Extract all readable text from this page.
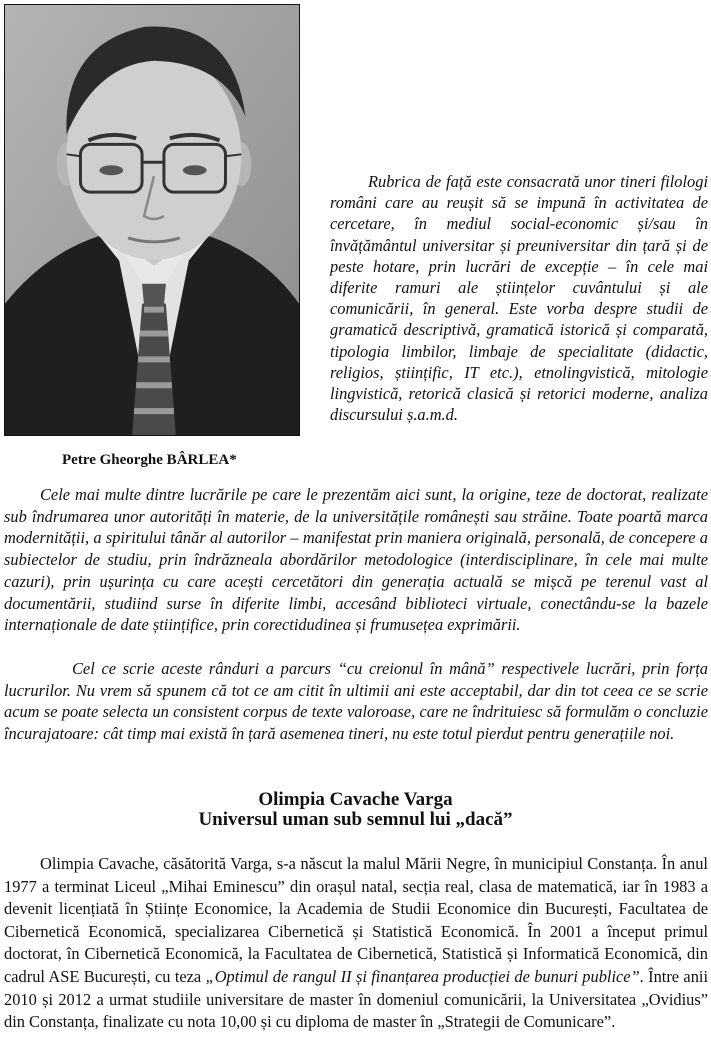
Petre Gheorghe BÂRLEA*

Rubrica de față este consacrată unor tineri filologi români care au reușit să se impună în activitatea de cercetare, în mediul social-economic și/sau în învățământul universitar și preuniversitar din țară și de peste hotare, prin lucrări de excepție – în cele mai diferite ramuri ale științelor cuvântului și ale comunicării, în general. Este vorba despre studii de gramatică descriptivă, gramatică istorică și comparată, tipologia limbilor, limbaje de specialitate (didactic, religios, științific, IT etc.), etnolingvistică, mitologie lingvistică, retorică clasică și retorici moderne, analiza discursului ș.a.m.d.

Cele mai multe dintre lucrările pe care le prezentăm aici sunt, la origine, teze de doctorat, realizate sub îndrumarea unor autorități în materie, de la universitățile românești sau străine. Toate poartă marca modernității, a spiritului tânăr al autorilor – manifestat prin maniera originală, personală, de concepere a subiectelor de studiu, prin îndrăzneala abordărilor metodologice (interdisciplinare, în cele mai multe cazuri), prin ușurința cu care acești cercetători din generația actuală se mișcă pe terenul vast al documentării, studiind surse în diferite limbi, accesând biblioteci virtuale, conectându-se la bazele internaționale de date științifice, prin corectidudinea și frumusețea exprimării.

Cel ce scrie aceste rânduri a parcurs “cu creionul în mână” respectivele lucrări, prin forța lucrurilor. Nu vrem să spunem că tot ce am citit în ultimii ani este acceptabil, dar din tot ceea ce se scrie acum se poate selecta un consistent corpus de texte valoroase, care ne îndrituiesc să formulăm o concluzie încurajatoare: cât timp mai există în țară asemenea tineri, nu este totul pierdut pentru generațiile noi.

Olimpia Cavache Varga
Universul uman sub semnul lui „dacă”

Olimpia Cavache, căsătorită Varga, s-a născut la malul Mării Negre, în municipiul Constanța. În anul 1977 a terminat Liceul „Mihai Eminescu” din orașul natal, secția real, clasa de matematică, iar în 1983 a devenit licențiată în Științe Economice, la Academia de Studii Economice din București, Facultatea de Cibernetică Economică, specializarea Cibernetică și Statistică Economică. În 2001 a început primul doctorat, în Cibernetică Economică, la Facultatea de Cibernetică, Statistică și Informatică Economică, din cadrul ASE București, cu teza „Optimul de rangul II și finanțarea producției de bunuri publice”. Între anii 2010 și 2012 a urmat studiile universitare de master în domeniul comunicării, la Universitatea „Ovidius” din Constanța, finalizate cu nota 10,00 și cu diploma de master în „Strategii de Comunicare”.
